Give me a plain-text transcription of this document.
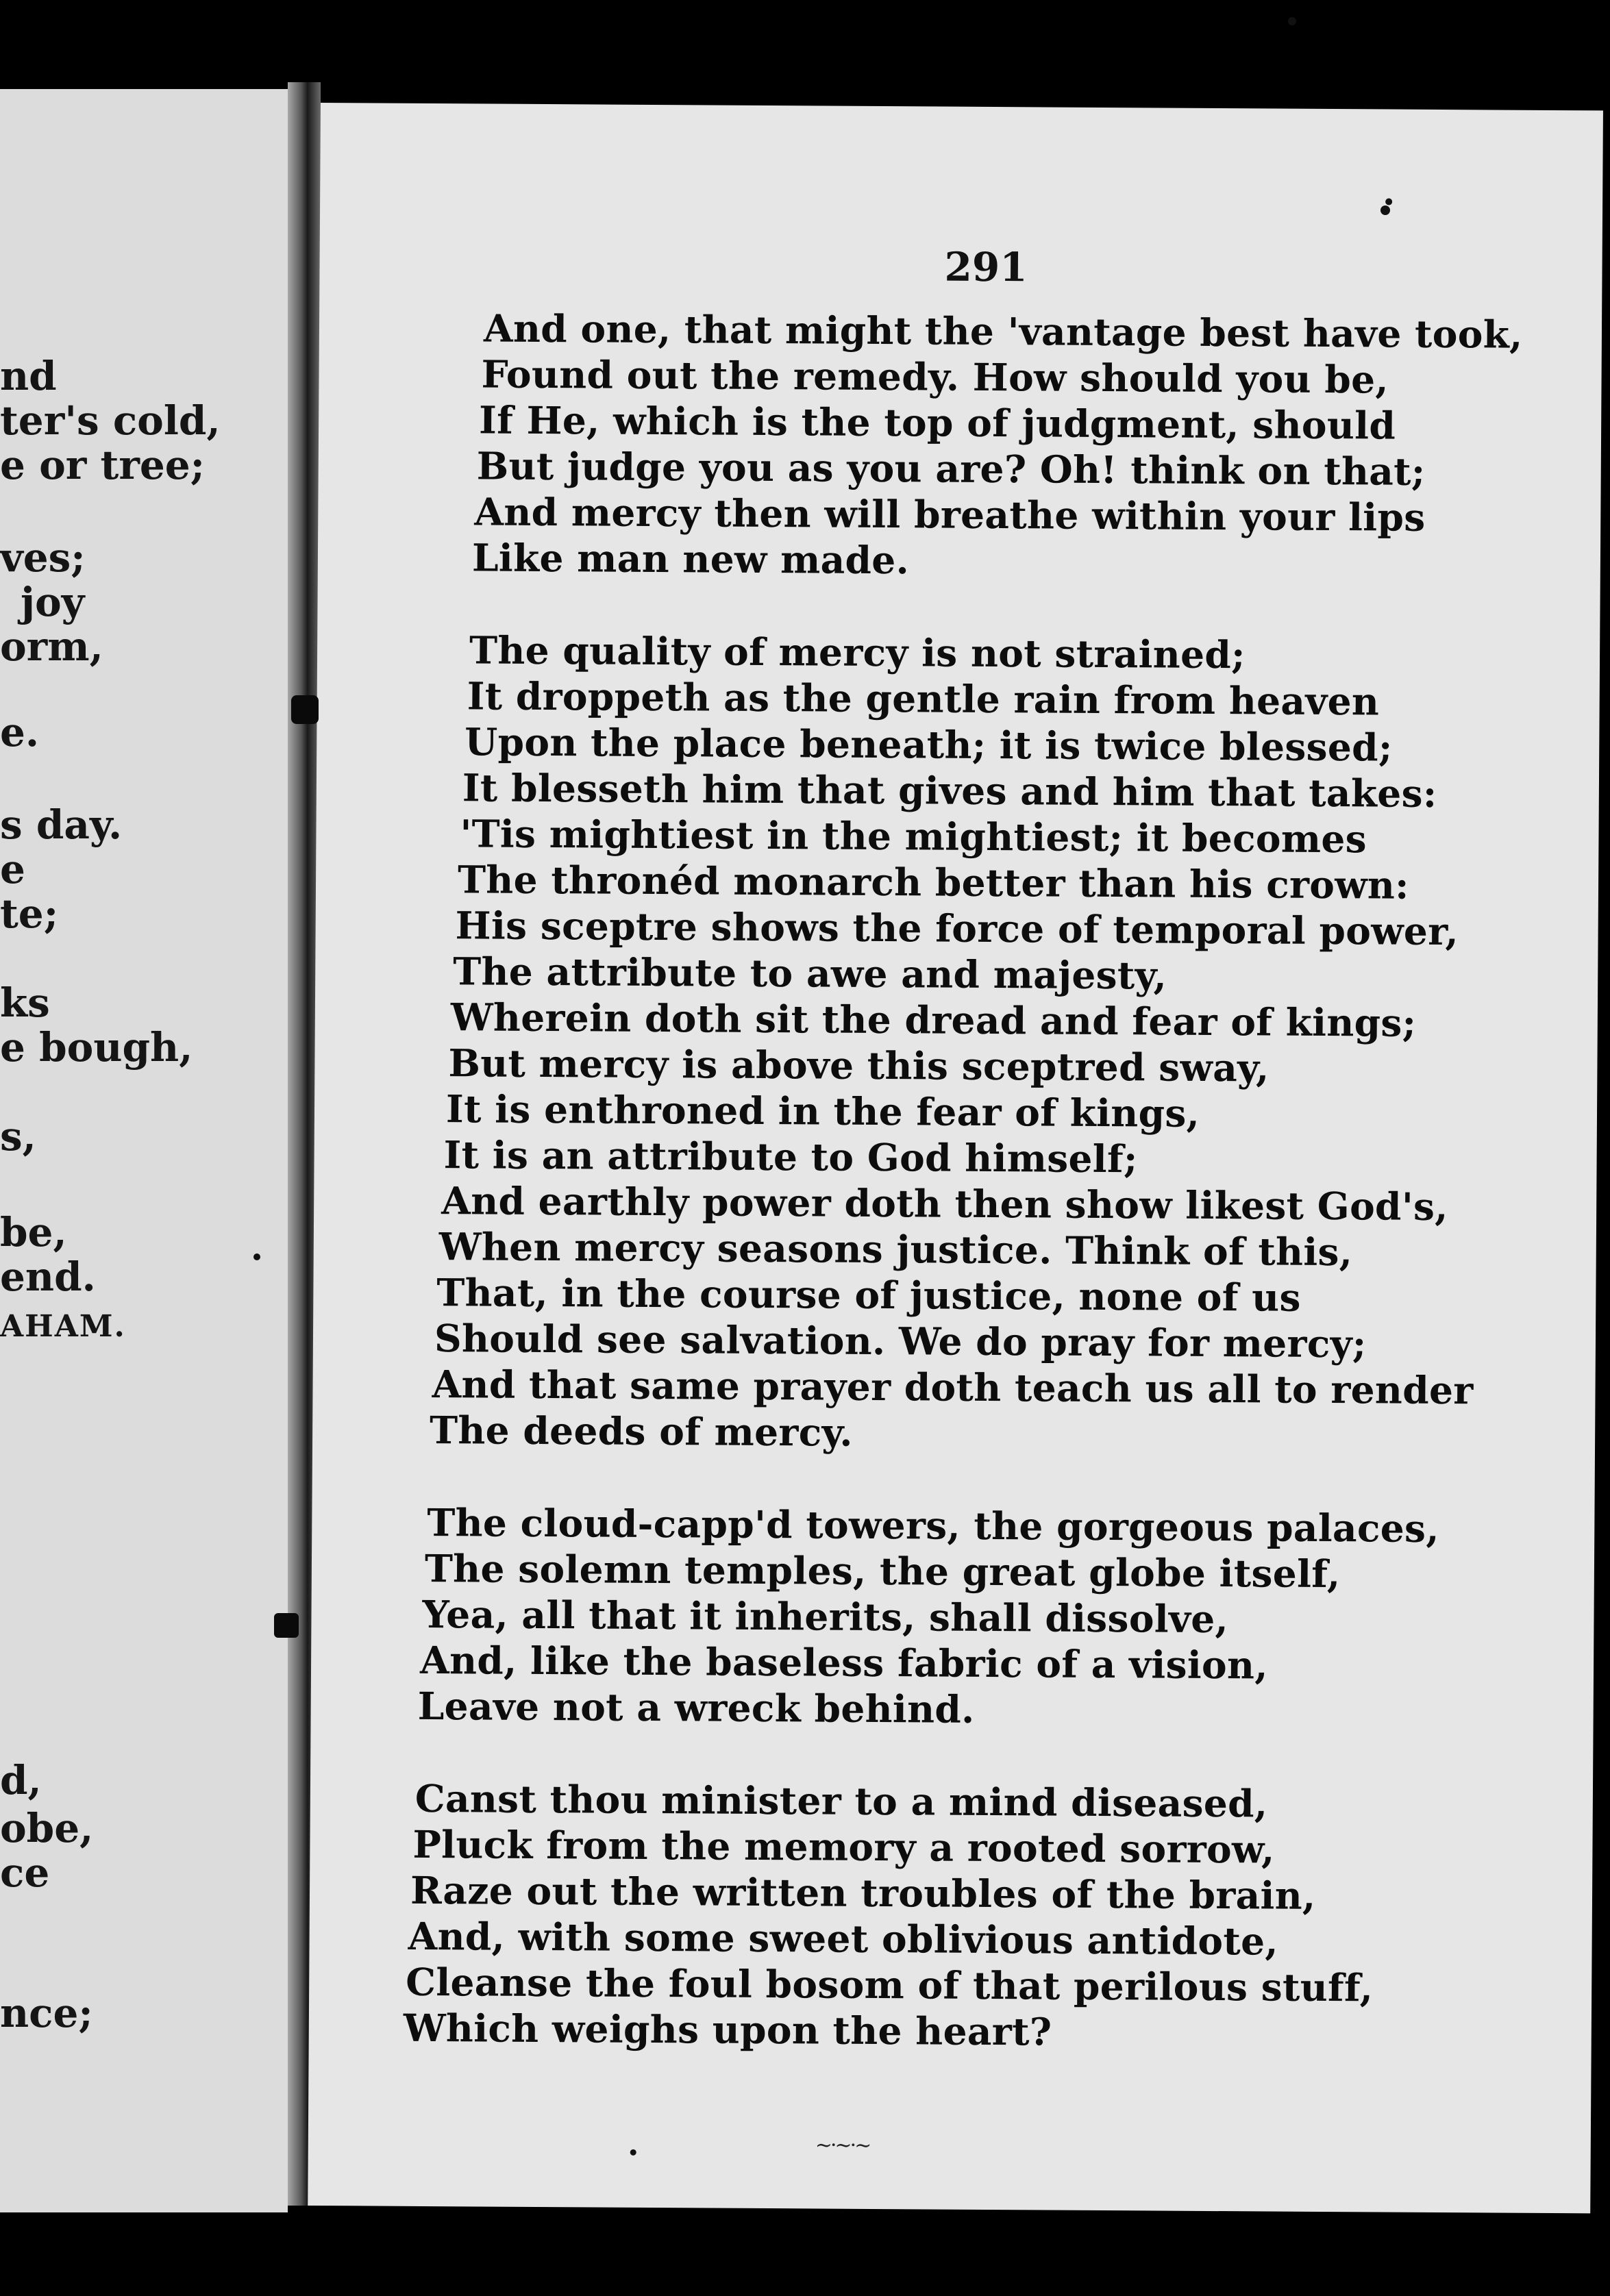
nd
ter's cold,
e or tree;
ves;
joy
orm,
e.
s day.
e
te;
ks
e bough,
s,
be,
end.
AHAM.
d,
obe,
ce
nce;
291
And one, that might the 'vantage best have took,
Found out the remedy. How should you be,
If He, which is the top of judgment, should
But judge you as you are? Oh! think on that;
And mercy then will breathe within your lips
Like man new made.
The quality of mercy is not strained;
It droppeth as the gentle rain from heaven
Upon the place beneath; it is twice blessed;
It blesseth him that gives and him that takes:
'Tis mightiest in the mightiest; it becomes
The thronéd monarch better than his crown:
His sceptre shows the force of temporal power,
The attribute to awe and majesty,
Wherein doth sit the dread and fear of kings;
But mercy is above this sceptred sway,
It is enthroned in the fear of kings,
It is an attribute to God himself;
And earthly power doth then show likest God's,
When mercy seasons justice. Think of this,
That, in the course of justice, none of us
Should see salvation. We do pray for mercy;
And that same prayer doth teach us all to render
The deeds of mercy.
The cloud-capp'd towers, the gorgeous palaces,
The solemn temples, the great globe itself,
Yea, all that it inherits, shall dissolve,
And, like the baseless fabric of a vision,
Leave not a wreck behind.
Canst thou minister to a mind diseased,
Pluck from the memory a rooted sorrow,
Raze out the written troubles of the brain,
And, with some sweet oblivious antidote,
Cleanse the foul bosom of that perilous stuff,
Which weighs upon the heart?
~·~·~
